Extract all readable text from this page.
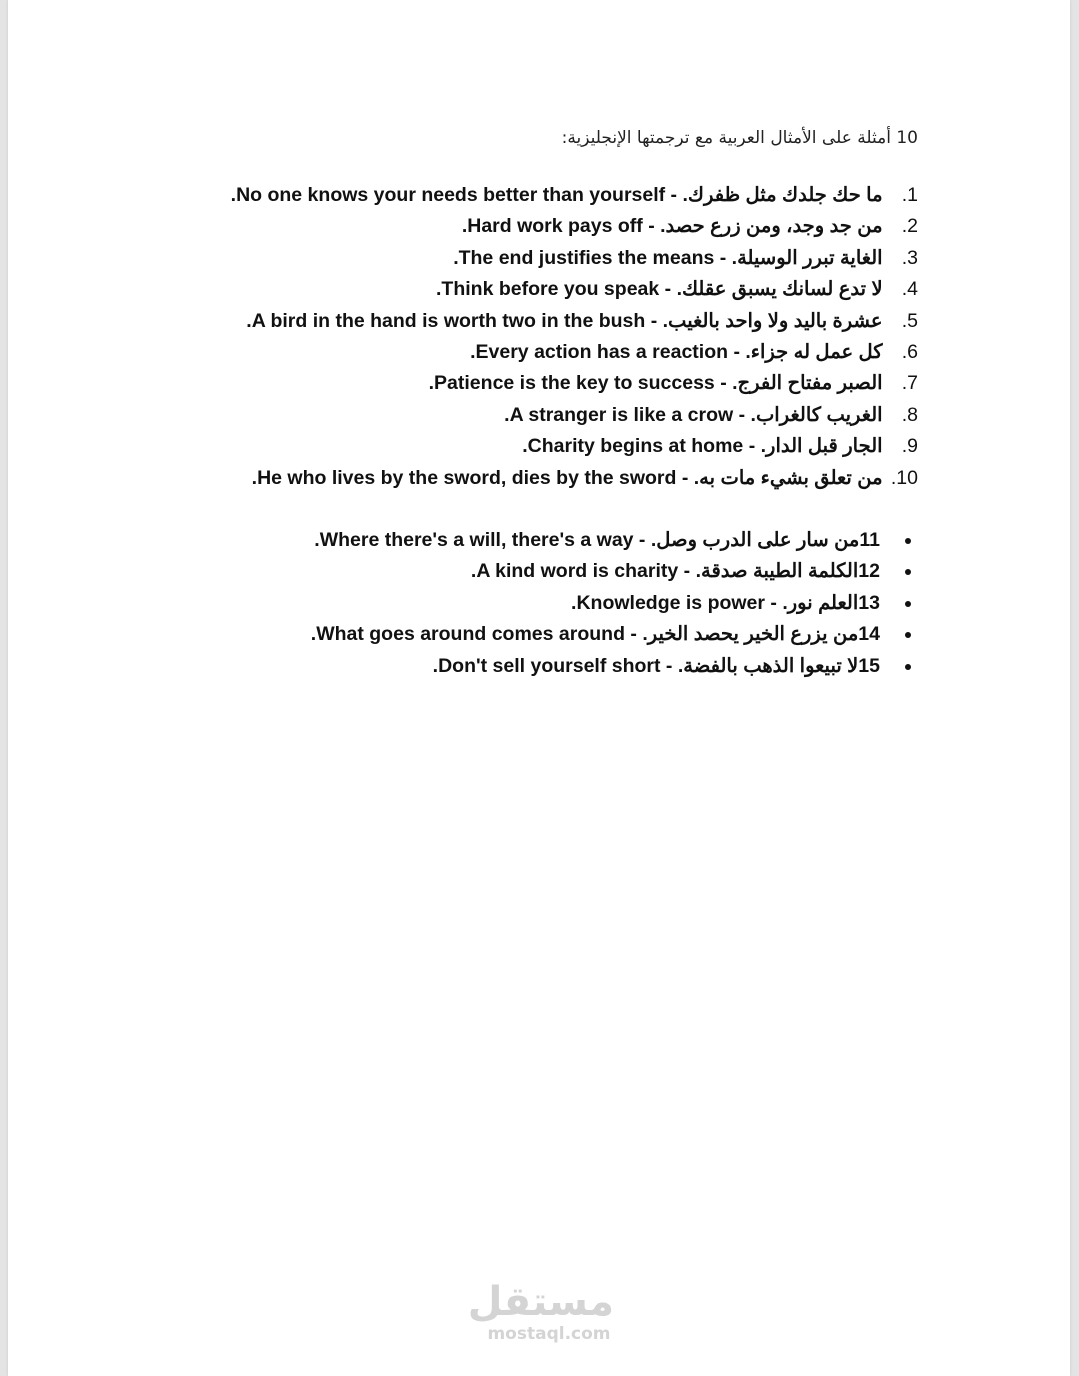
10 أمثلة على الأمثال العربية مع ترجمتها الإنجليزية:
1. ما حك جلدك مثل ظفرك. - No one knows your needs better than yourself.
2. من جد وجد، ومن زرع حصد. - Hard work pays off.
3. الغاية تبرر الوسيلة. - The end justifies the means.
4. لا تدع لسانك يسبق عقلك. - Think before you speak.
5. عشرة باليد ولا واحد بالغيب. - A bird in the hand is worth two in the bush.
6. كل عمل له جزاء. - Every action has a reaction.
7. الصبر مفتاح الفرج. - Patience is the key to success.
8. الغريب كالغراب. - A stranger is like a crow.
9. الجار قبل الدار. - Charity begins at home.
10. من تعلق بشيء مات به. - He who lives by the sword, dies by the sword.
11من سار على الدرب وصل. - Where there's a will, there's a way.
12الكلمة الطيبة صدقة. - A kind word is charity.
13العلم نور. - Knowledge is power.
14من يزرع الخير يحصد الخير. - What goes around comes around.
15لا تبيعوا الذهب بالفضة. - Don't sell yourself short.
مستقل
mostaql.com
